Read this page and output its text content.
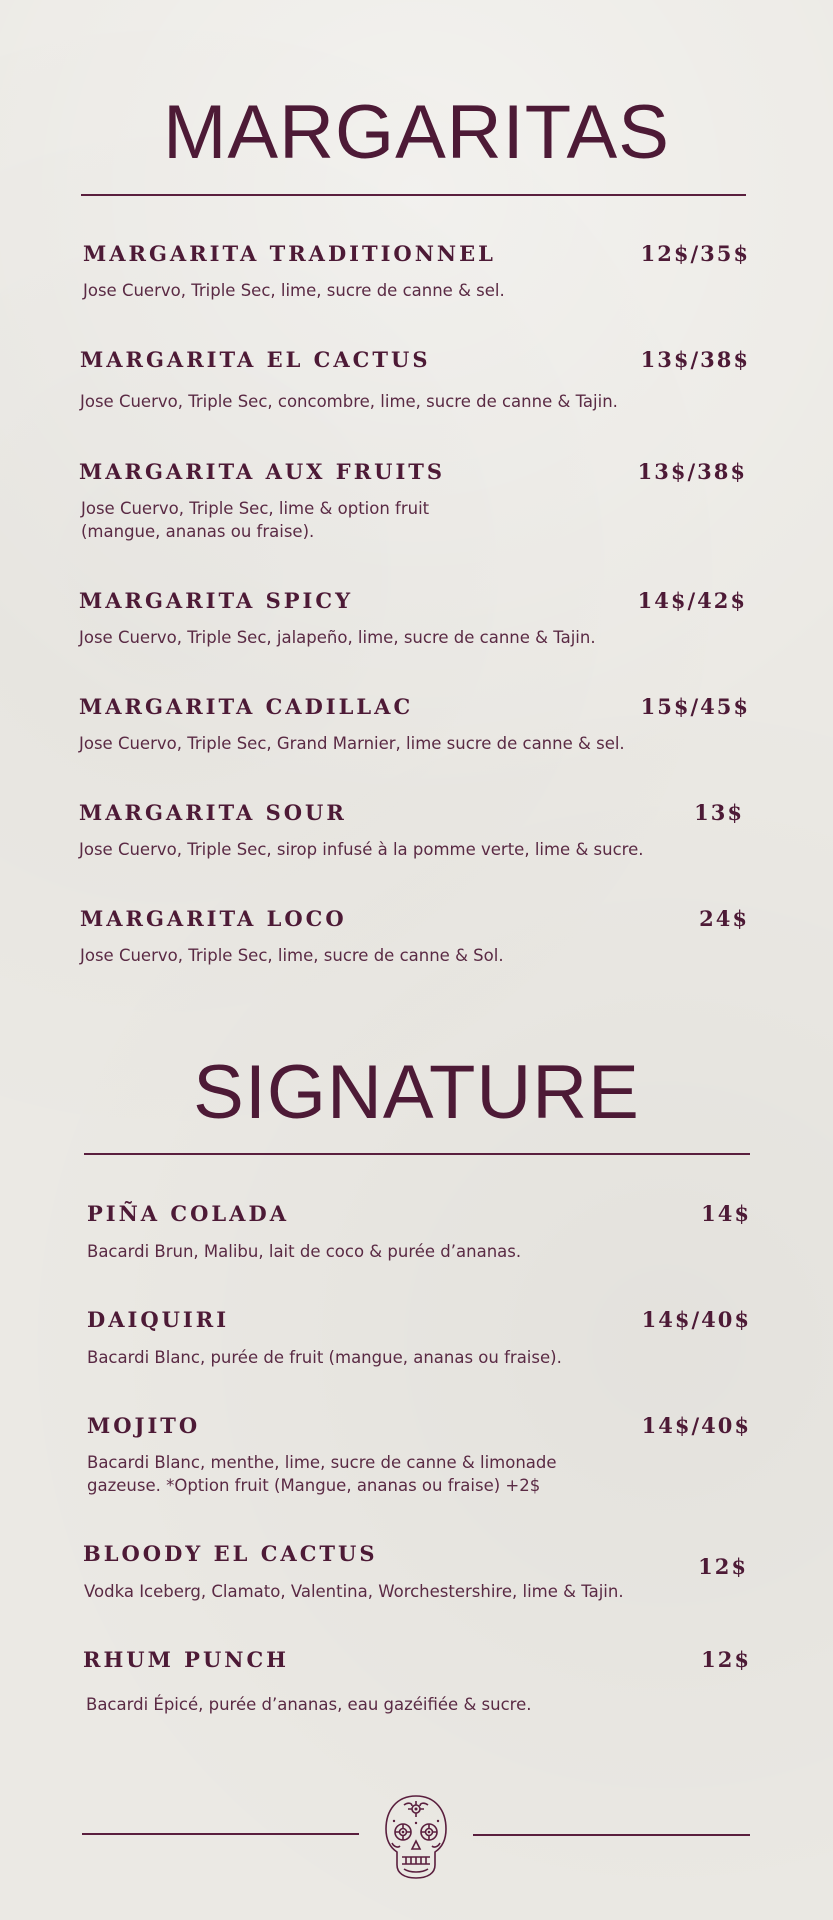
MARGARITAS
MARGARITA TRADITIONNEL	12$/35$
Jose Cuervo, Triple Sec, lime, sucre de canne & sel.
MARGARITA EL CACTUS	13$/38$
Jose Cuervo, Triple Sec, concombre, lime, sucre de canne & Tajin.
MARGARITA AUX FRUITS	13$/38$
Jose Cuervo, Triple Sec, lime & option fruit
(mangue, ananas ou fraise).
MARGARITA SPICY	14$/42$
Jose Cuervo, Triple Sec, jalapeño, lime, sucre de canne & Tajin.
MARGARITA CADILLAC	15$/45$
Jose Cuervo, Triple Sec, Grand Marnier, lime sucre de canne & sel.
MARGARITA SOUR	13$
Jose Cuervo, Triple Sec, sirop infusé à la pomme verte, lime & sucre.
MARGARITA LOCO	24$
Jose Cuervo, Triple Sec, lime, sucre de canne & Sol.
SIGNATURE
PIÑA COLADA	14$
Bacardi Brun, Malibu, lait de coco & purée d’ananas.
DAIQUIRI	14$/40$
Bacardi Blanc, purée de fruit (mangue, ananas ou fraise).
MOJITO	14$/40$
Bacardi Blanc, menthe, lime, sucre de canne & limonade
gazeuse. *Option fruit (Mangue, ananas ou fraise) +2$
BLOODY EL CACTUS
12$
Vodka Iceberg, Clamato, Valentina, Worchestershire, lime & Tajin.
RHUM PUNCH	12$
Bacardi Épicé, purée d’ananas, eau gazéifiée & sucre.
